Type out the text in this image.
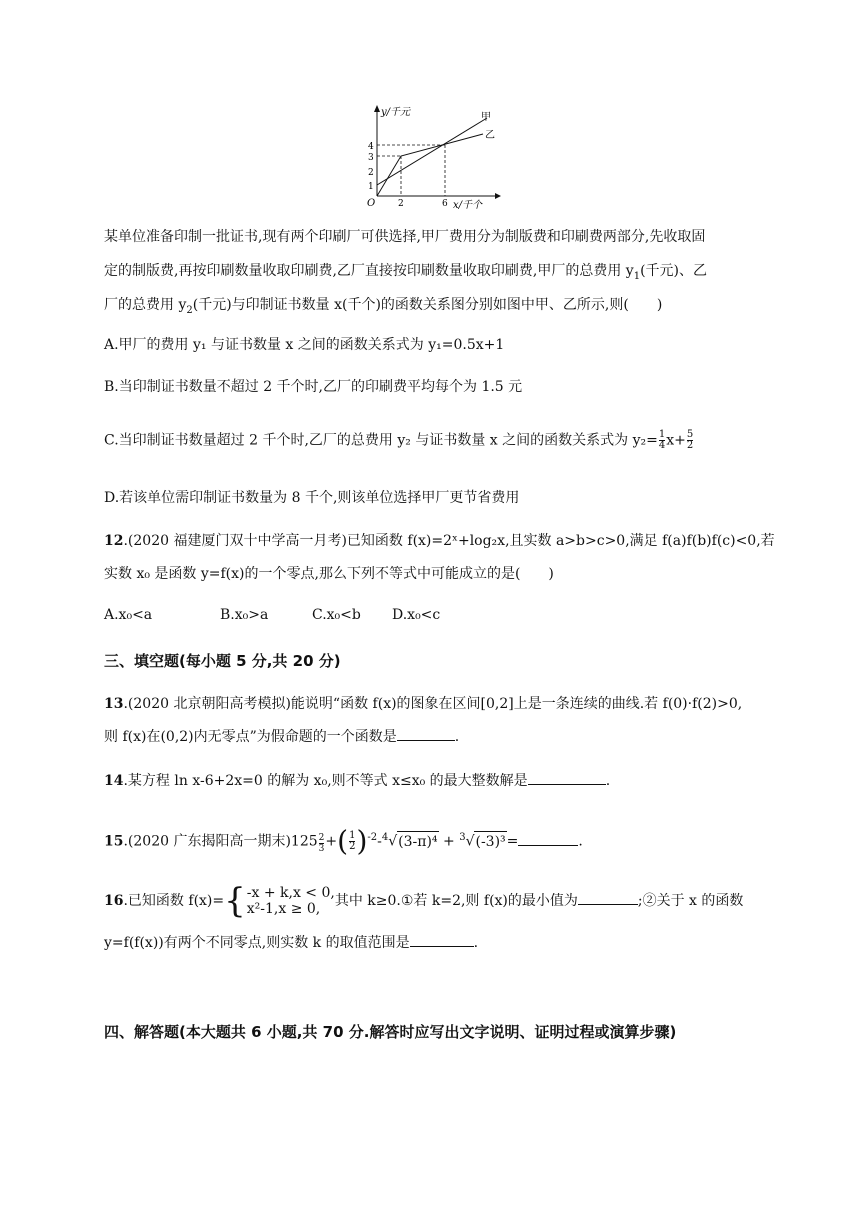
y/千元
x/千个
O
1
2
3
4
2	6
甲
乙
某单位准备印制一批证书,现有两个印刷厂可供选择,甲厂费用分为制版费和印刷费两部分,先收取固
定的制版费,再按印刷数量收取印刷费,乙厂直接按印刷数量收取印刷费,甲厂的总费用 $y_1$(千元)、乙
厂的总费用 $y_2$(千元)与印制证书数量 x(千个)的函数关系图分别如图中甲、乙所示,则(　　)
A.甲厂的费用 y₁ 与证书数量 x 之间的函数关系式为 y₁=0.5x+1
B.当印制证书数量不超过 2 千个时,乙厂的印刷费平均每个为 1.5 元
C.当印制证书数量超过 2 千个时,乙厂的总费用 y₂ 与证书数量 x 之间的函数关系式为 $y_2= \frac{1}{4} x+ \frac{5}{2}$
D.若该单位需印制证书数量为 8 千个,则该单位选择甲厂更节省费用
12.(2020 福建厦门双十中学高一月考)已知函数 f(x)=2ˣ+log₂x,且实数 a>b>c>0,满足 f(a)f(b)f(c)<0,若
实数 x₀ 是函数 y=f(x)的一个零点,那么下列不等式中可能成立的是(　　)
A.x₀<a	B.x₀>a	C.x₀<b D.x₀<c
三、填空题(每小题 5 分,共 20 分)
13.(2020 北京朝阳高考模拟)能说明“函数 f(x)的图象在区间[0,2]上是一条连续的曲线.若 f(0)·f(2)>0,
则 f(x)在(0,2)内无零点”为假命题的一个函数是	.
14.某方程 ln x-6+2x=0 的解为 x₀,则不等式 x≤x₀ 的最大整数解是	.
15.(2020 广东揭阳高一期末)$125 \frac{2}{3}$ +( $\frac{1}{2} )^{-2}-^4√(3-\pi)^4 + ^3√(-3)^3=$	.
16.已知函数 f(x)= { -x + k,x < 0,
x²-1,x ≥ 0,	其中 k≥0.①若 k=2,则 f(x)的最小值为	;②关于 x 的函数
y=f(f(x))有两个不同零点,则实数 k 的取值范围是	.
四、解答题(本大题共 6 小题,共 70 分.解答时应写出文字说明、证明过程或演算步骤)
